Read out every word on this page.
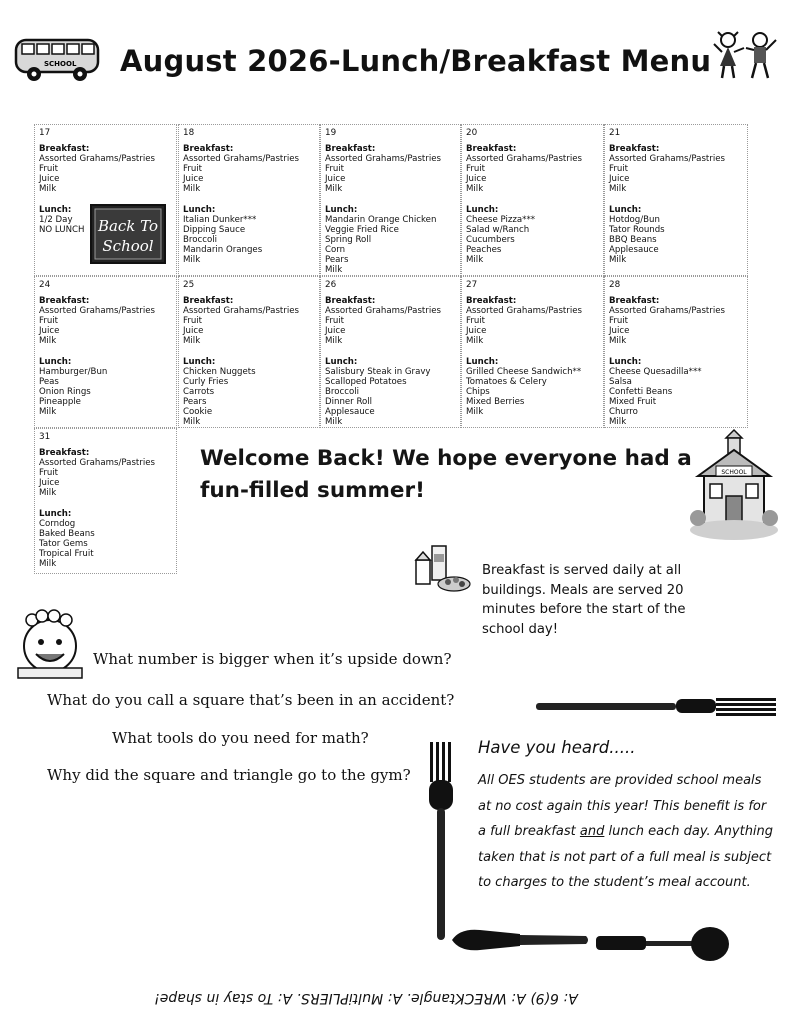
SCHOOL August 2026-Lunch/Breakfast Menu
17
Breakfast:
Assorted Grahams/Pastries
Fruit
Juice
Milk
Lunch:
1/2 Day
NO LUNCH
18
Breakfast:
Assorted Grahams/Pastries
Fruit
Juice
Milk
Lunch:
Italian Dunker***
Dipping Sauce
Broccoli
Mandarin Oranges
Milk
19
Breakfast:
Assorted Grahams/Pastries
Fruit
Juice
Milk
Lunch:
Mandarin Orange Chicken
Veggie Fried Rice
Spring Roll
Corn
Pears
Milk
20
Breakfast:
Assorted Grahams/Pastries
Fruit
Juice
Milk
Lunch:
Cheese Pizza***
Salad w/Ranch
Cucumbers
Peaches
Milk
21
Breakfast:
Assorted Grahams/Pastries
Fruit
Juice
Milk
Lunch:
Hotdog/Bun
Tator Rounds
BBQ Beans
Applesauce
Milk
24
Breakfast:
Assorted Grahams/Pastries
Fruit
Juice
Milk
Lunch:
Hamburger/Bun
Peas
Onion Rings
Pineapple
Milk
25
Breakfast:
Assorted Grahams/Pastries
Fruit
Juice
Milk
Lunch:
Chicken Nuggets
Curly Fries
Carrots
Pears
Cookie
Milk
26
Breakfast:
Assorted Grahams/Pastries
Fruit
Juice
Milk
Lunch:
Salisbury Steak in Gravy
Scalloped Potatoes
Broccoli
Dinner Roll
Applesauce
Milk
27
Breakfast:
Assorted Grahams/Pastries
Fruit
Juice
Milk
Lunch:
Grilled Cheese Sandwich**
Tomatoes & Celery
Chips
Mixed Berries
Milk
28
Breakfast:
Assorted Grahams/Pastries
Fruit
Juice
Milk
Lunch:
Cheese Quesadilla***
Salsa
Confetti Beans
Mixed Fruit
Churro
Milk
31
Breakfast:
Assorted Grahams/Pastries
Fruit
Juice
Milk
Lunch:
Corndog
Baked Beans
Tator Gems
Tropical Fruit
Milk
Back To
School
Welcome Back! We hope everyone had a fun-filled summer!
SCHOOL
Breakfast is served daily at all buildings. Meals are served 20 minutes before the start of the school day!
What number is bigger when it’s upside down?
What do you call a square that’s been in an accident?
What tools do you need for math?
Why did the square and triangle go to the gym?
Have you heard.....
All OES students are provided school meals at no cost again this year! This benefit is for a full breakfast and lunch each day. Anything taken that is not part of a full meal is subject to charges to the student’s meal account.
A: 6(9) A: WRECKtangle. A: MultiPLIERS. A: To stay in shape!
